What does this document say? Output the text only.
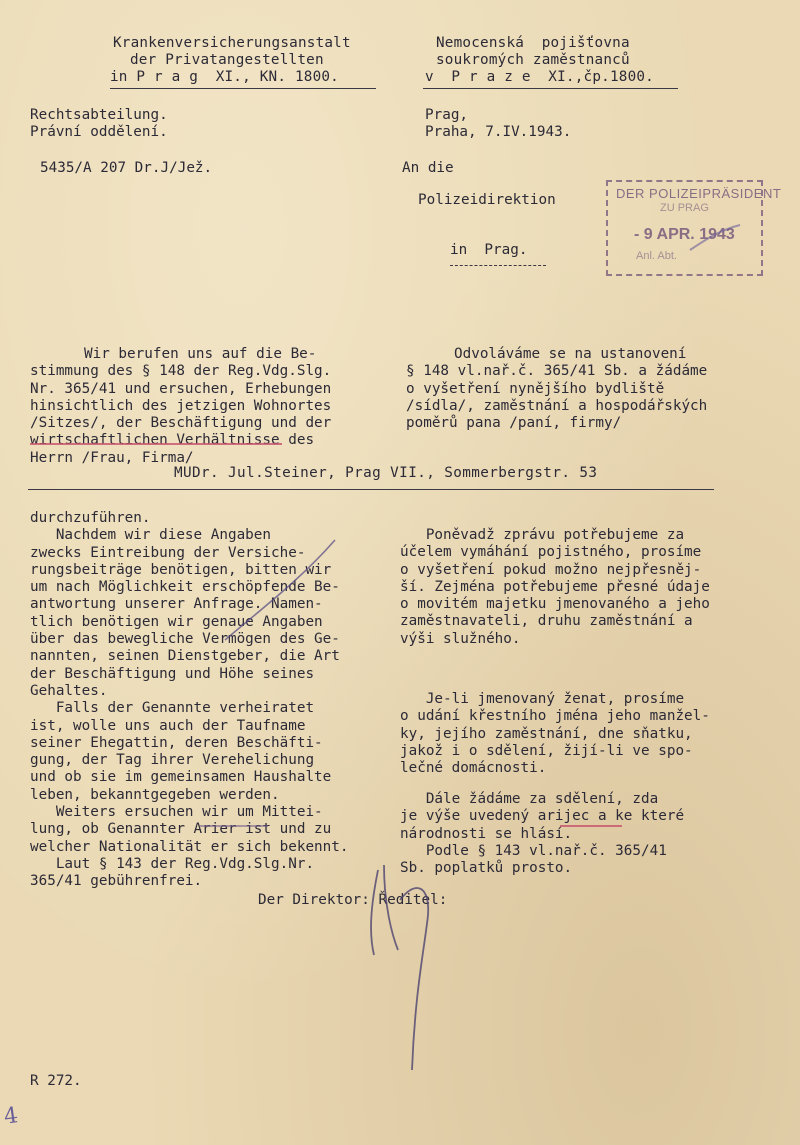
Krankenversicherungsanstalt
der Privatangestellten
in P r a g  XI., KN. 1800.
Nemocenská  pojišťovna
soukromých zaměstnanců
v  P r a z e  XI.,čp.1800.
Rechtsabteilung.
Právní oddělení.
Prag,
Praha, 7.IV.1943.
5435/A 207 Dr.J/Jež.	An die
Polizeidirektion
in  Prag.
DER POLIZEIPRÄSIDENT
ZU PRAG
- 9 APR. 1943
Anl. Abt.
Wir berufen uns auf die Be-
stimmung des § 148 der Reg.Vdg.Slg.
Nr. 365/41 und ersuchen, Erhebungen
hinsichtlich des jetzigen Wohnortes
/Sitzes/, der Beschäftigung und der
wirtschaftlichen Verhältnisse des
Herrn /Frau, Firma/
Odvoláváme se na ustanovení
§ 148 vl.nař.č. 365/41 Sb. a žádáme
o vyšetření nynějšího bydliště
/sídla/, zaměstnání a hospodářských
poměrů pana /paní, firmy/
MUDr. Jul.Steiner, Prag VII., Sommerbergstr. 53
durchzuführen.
Nachdem wir diese Angaben
zwecks Eintreibung der Versiche-
rungsbeiträge benötigen, bitten wir
um nach Möglichkeit erschöpfende Be-
antwortung unserer Anfrage. Namen-
tlich benötigen wir genaue Angaben
über das bewegliche Vermögen des Ge-
nannten, seinen Dienstgeber, die Art
der Beschäftigung und Höhe seines
Gehaltes.
Falls der Genannte verheiratet
ist, wolle uns auch der Taufname
seiner Ehegattin, deren Beschäfti-
gung, der Tag ihrer Verehelichung
und ob sie im gemeinsamen Haushalte
leben, bekanntgegeben werden.
Weiters ersuchen wir um Mittei-
lung, ob Genannter Arier ist und zu
welcher Nationalität er sich bekennt.
Laut § 143 der Reg.Vdg.Slg.Nr.
365/41 gebührenfrei.
Poněvadž zprávu potřebujeme za
účelem vymáhání pojistného, prosíme
o vyšetření pokud možno nejpřesněj-
ší. Zejména potřebujeme přesné údaje
o movitém majetku jmenovaného a jeho
zaměstnavateli, druhu zaměstnání a
výši služného.
Je-li jmenovaný ženat, prosíme
o udání křestního jména jeho manžel-
ky, jejího zaměstnání, dne sňatku,
jakož i o sdělení, žijí-li ve spo-
lečné domácnosti.
Dále žádáme za sdělení, zda
je výše uvedený arijec a ke které
národnosti se hlásí.
Podle § 143 vl.nař.č. 365/41
Sb. poplatků prosto.
Der Direktor: Ředitel:
R 272.
4
